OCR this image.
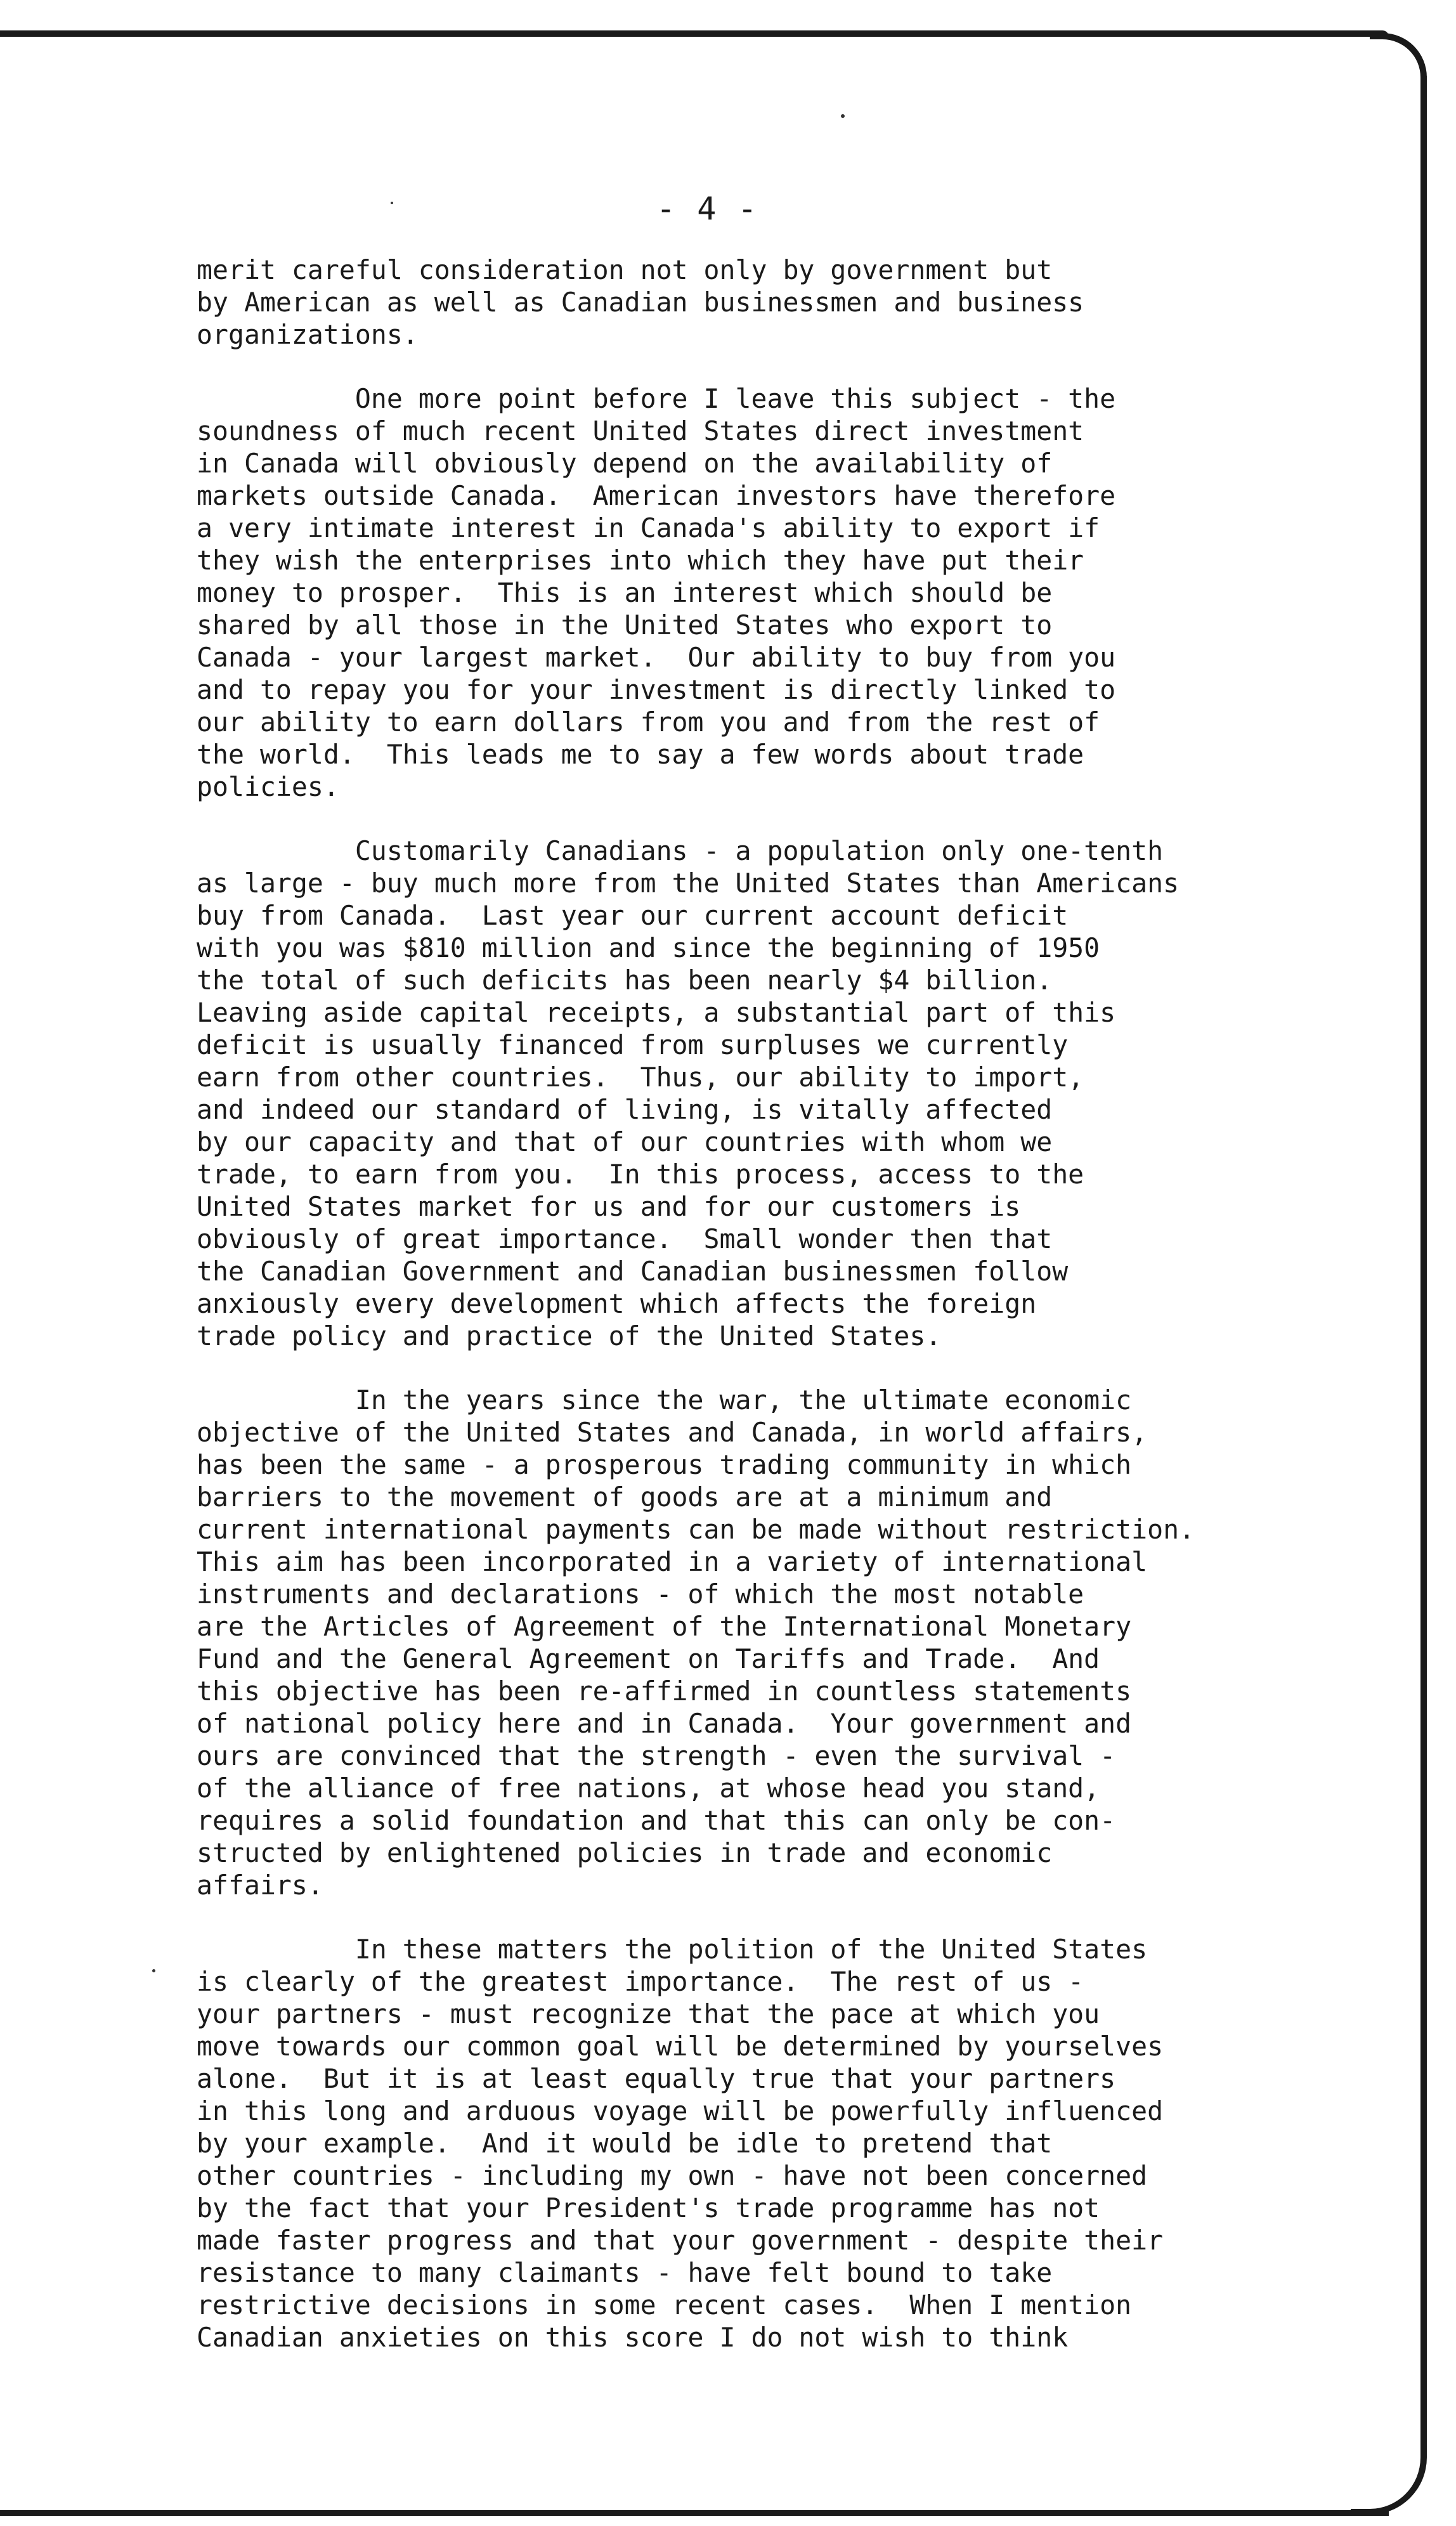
- 4 -
merit careful consideration not only by government but
by American as well as Canadian businessmen and business
organizations.
One more point before I leave this subject - the
soundness of much recent United States direct investment
in Canada will obviously depend on the availability of
markets outside Canada.  American investors have therefore
a very intimate interest in Canada's ability to export if
they wish the enterprises into which they have put their
money to prosper.  This is an interest which should be
shared by all those in the United States who export to
Canada - your largest market.  Our ability to buy from you
and to repay you for your investment is directly linked to
our ability to earn dollars from you and from the rest of
the world.  This leads me to say a few words about trade
policies.
Customarily Canadians - a population only one-tenth
as large - buy much more from the United States than Americans
buy from Canada.  Last year our current account deficit
with you was $810 million and since the beginning of 1950
the total of such deficits has been nearly $4 billion.
Leaving aside capital receipts, a substantial part of this
deficit is usually financed from surpluses we currently
earn from other countries.  Thus, our ability to import,
and indeed our standard of living, is vitally affected
by our capacity and that of our countries with whom we
trade, to earn from you.  In this process, access to the
United States market for us and for our customers is
obviously of great importance.  Small wonder then that
the Canadian Government and Canadian businessmen follow
anxiously every development which affects the foreign
trade policy and practice of the United States.
In the years since the war, the ultimate economic
objective of the United States and Canada, in world affairs,
has been the same - a prosperous trading community in which
barriers to the movement of goods are at a minimum and
current international payments can be made without restriction.
This aim has been incorporated in a variety of international
instruments and declarations - of which the most notable
are the Articles of Agreement of the International Monetary
Fund and the General Agreement on Tariffs and Trade.  And
this objective has been re-affirmed in countless statements
of national policy here and in Canada.  Your government and
ours are convinced that the strength - even the survival -
of the alliance of free nations, at whose head you stand,
requires a solid foundation and that this can only be con-
structed by enlightened policies in trade and economic
affairs.
In these matters the polition of the United States
is clearly of the greatest importance.  The rest of us -
your partners - must recognize that the pace at which you
move towards our common goal will be determined by yourselves
alone.  But it is at least equally true that your partners
in this long and arduous voyage will be powerfully influenced
by your example.  And it would be idle to pretend that
other countries - including my own - have not been concerned
by the fact that your President's trade programme has not
made faster progress and that your government - despite their
resistance to many claimants - have felt bound to take
restrictive decisions in some recent cases.  When I mention
Canadian anxieties on this score I do not wish to think
